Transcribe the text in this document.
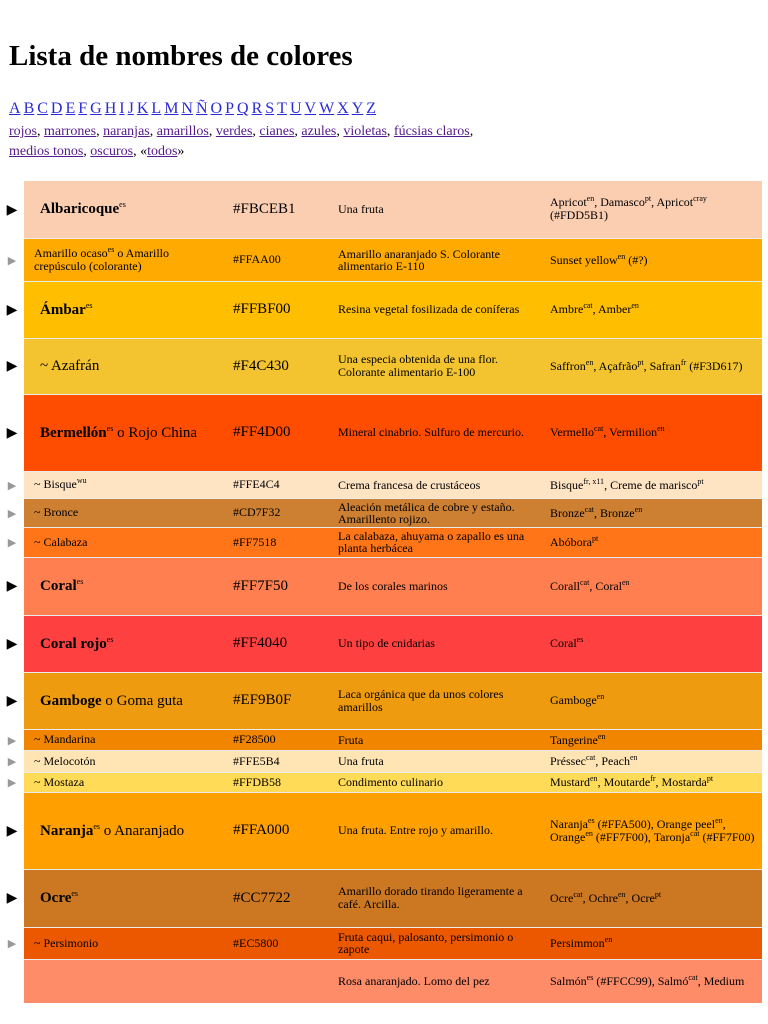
Lista de nombres de colores
A B C D E F G H I J K L M N Ñ O P Q R S T U V W X Y Z
rojos, marrones, naranjas, amarillos, verdes, cianes, azules, violetas, fúcsias claros, medios tonos, oscuros, «todos»
▶	Albaricoque$^{es}$	#FBCEB1	Una fruta	Apricot$^{en}$, Damasco$^{pt}$, Apricot$^{cray}$ (#FDD5B1)
▶	Amarillo ocaso$^{es}$ o Amarillo crepúsculo (colorante)	#FFAA00	Amarillo anaranjado S. Colorante alimentario E-110	Sunset yellow$^{en}$ (#?)
▶	Ámbar$^{es}$	#FFBF00	Resina vegetal fosilizada de coníferas	Ambre$^{cat}$, Amber$^{en}$
▶	~ Azafrán	#F4C430	Una especia obtenida de una flor. Colorante alimentario E-100	Saffron$^{en}$, Açafrão$^{pt}$, Safran$^{fr}$ (#F3D617)
▶	Bermellón$^{es}$ o Rojo China	#FF4D00	Mineral cinabrio. Sulfuro de mercurio.	Vermello$^{cat}$, Vermilion$^{en}$
▶	~ Bisque$^{wu}$	#FFE4C4	Crema francesa de crustáceos	Bisque$^{fr, x11}$, Creme de marisco$^{pt}$
▶	~ Bronce	#CD7F32	Aleación metálica de cobre y estaño. Amarillento rojizo.	Bronze$^{cat}$, Bronze$^{en}$
▶	~ Calabaza	#FF7518	La calabaza, ahuyama o zapallo es una planta herbácea	Abóbora$^{pt}$
▶	Coral$^{es}$	#FF7F50	De los corales marinos	Corall$^{cat}$, Coral$^{en}$
▶	Coral rojo$^{es}$	#FF4040	Un tipo de cnidarias	Coral$^{es}$
▶	Gamboge o Goma guta	#EF9B0F	Laca orgánica que da unos colores amarillos	Gamboge$^{en}$
▶	~ Mandarina	#F28500	Fruta	Tangerine$^{en}$
▶	~ Melocotón	#FFE5B4	Una fruta	Préssec$^{cat}$, Peach$^{en}$
▶	~ Mostaza	#FFDB58	Condimento culinario	Mustard$^{en}$, Moutarde$^{fr}$, Mostarda$^{pt}$
▶	Naranja$^{es}$ o Anaranjado	#FFA000	Una fruta. Entre rojo y amarillo.	Naranja$^{es}$ (#FFA500), Orange peel$^{en}$, Orange$^{en}$ (#FF7F00), Taronja$^{cat}$ (#FF7F00)
▶	Ocre$^{es}$	#CC7722	Amarillo dorado tirando ligeramente a café. Arcilla.	Ocre$^{cat}$, Ochre$^{en}$, Ocre$^{pt}$
▶	~ Persimonio	#EC5800	Fruta caqui, palosanto, persimonio o zapote	Persimmon$^{en}$
			Rosa anaranjado. Lomo del pez	Salmón$^{es}$ (#FFCC99), Salmó$^{cat}$, Medium
